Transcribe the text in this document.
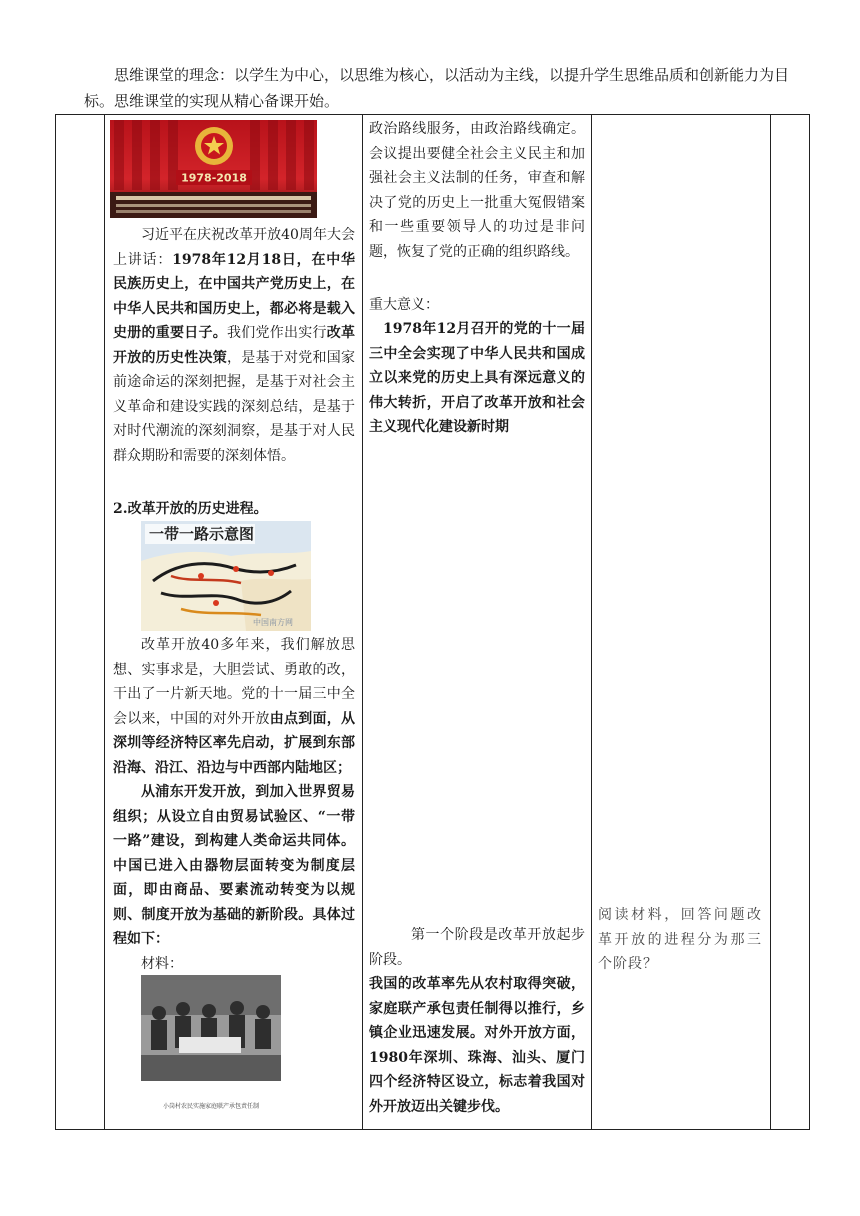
思维课堂的理念：以学生为中心，以思维为核心，以活动为主线，以提升学生思维品质和创新能力为目

标。思维课堂的实现从精心备课开始。

1978-2018
习近平在庆祝改革开放40周年大会上讲话：1978年12月18日，在中华民族历史上，在中国共产党历史上，在中华人民共和国历史上，都必将是载入史册的重要日子。我们党作出实行改革开放的历史性决策，是基于对党和国家前途命运的深刻把握，是基于对社会主义革命和建设实践的深刻总结，是基于对时代潮流的深刻洞察，是基于对人民群众期盼和需要的深刻体悟。
2.改革开放的历史进程。
一带一路示意图
中国南方网
改革开放40多年来，我们解放思想、实事求是，大胆尝试、勇敢的改，干出了一片新天地。党的十一届三中全会以来，中国的对外开放由点到面，从深圳等经济特区率先启动，扩展到东部沿海、沿江、沿边与中西部内陆地区；
从浦东开发开放，到加入世界贸易组织；从设立自由贸易试验区、“一带一路”建设，到构建人类命运共同体。中国已进入由器物层面转变为制度层面，即由商品、要素流动转变为以规则、制度开放为基础的新阶段。具体过程如下：
材料：
小岗村农民实施家庭联产承包责任制

政治路线服务，由政治路线确定。会议提出要健全社会主义民主和加强社会主义法制的任务，审查和解决了党的历史上一批重大冤假错案和一些重要领导人的功过是非问题，恢复了党的正确的组织路线。
重大意义：
1978年12月召开的党的十一届三中全会实现了中华人民共和国成立以来党的历史上具有深远意义的伟大转折，开启了改革开放和社会主义现代化建设新时期
第一个阶段是改革开放起步阶段。
我国的改革率先从农村取得突破，家庭联产承包责任制得以推行，乡镇企业迅速发展。对外开放方面，1980年深圳、珠海、汕头、厦门四个经济特区设立，标志着我国对外开放迈出关键步伐。

阅读材料，回答问题改革开放的进程分为那三个阶段？
